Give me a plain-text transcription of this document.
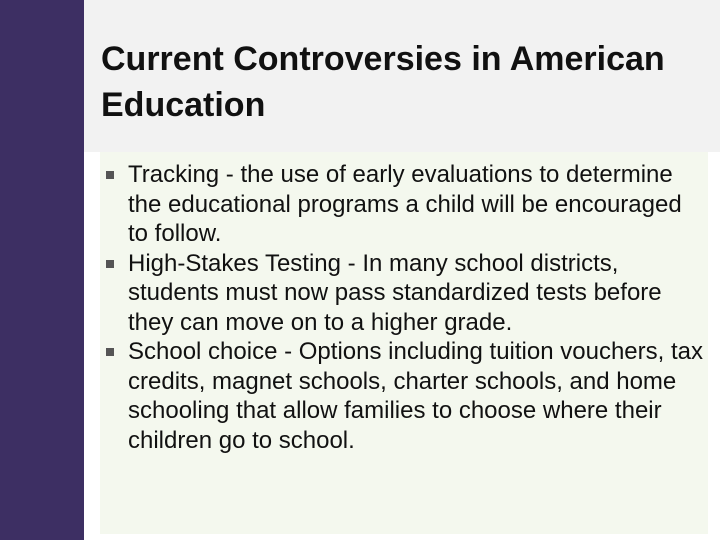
Current Controversies in American Education
Tracking - the use of early evaluations to determine the educational programs a child will be encouraged to follow.
High-Stakes Testing - In many school districts, students must now pass standardized tests before they can move on to a higher grade.
School choice - Options including tuition vouchers, tax credits, magnet schools, charter schools, and home schooling that allow families to choose where their children go to school.
